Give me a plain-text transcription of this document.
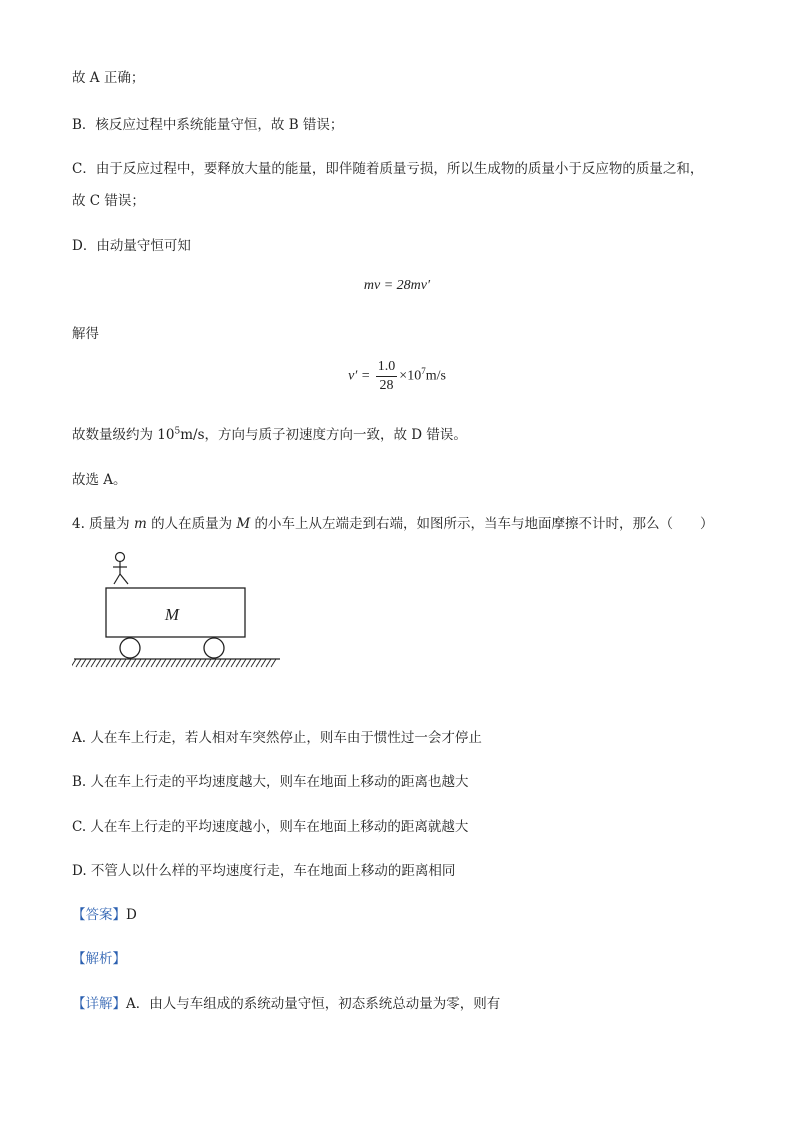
故 A 正确；
B．核反应过程中系统能量守恒，故 B 错误；
C．由于反应过程中，要释放大量的能量，即伴随着质量亏损，所以生成物的质量小于反应物的质量之和，
故 C 错误；
D．由动量守恒可知
mv = 28mv′
解得
$v' = \frac{1.0}{28} \times 10^7m/s$
故数量级约为 $10^5m/s$，方向与质子初速度方向一致，故 D 错误。
故选 A。
4. 质量为 m 的人在质量为 M 的小车上从左端走到右端，如图所示，当车与地面摩擦不计时，那么（　　）
M
A. 人在车上行走，若人相对车突然停止，则车由于惯性过一会才停止
B. 人在车上行走的平均速度越大，则车在地面上移动的距离也越大
C. 人在车上行走的平均速度越小，则车在地面上移动的距离就越大
D. 不管人以什么样的平均速度行走，车在地面上移动的距离相同
【答案】D
【解析】
【详解】A．由人与车组成的系统动量守恒，初态系统总动量为零，则有
